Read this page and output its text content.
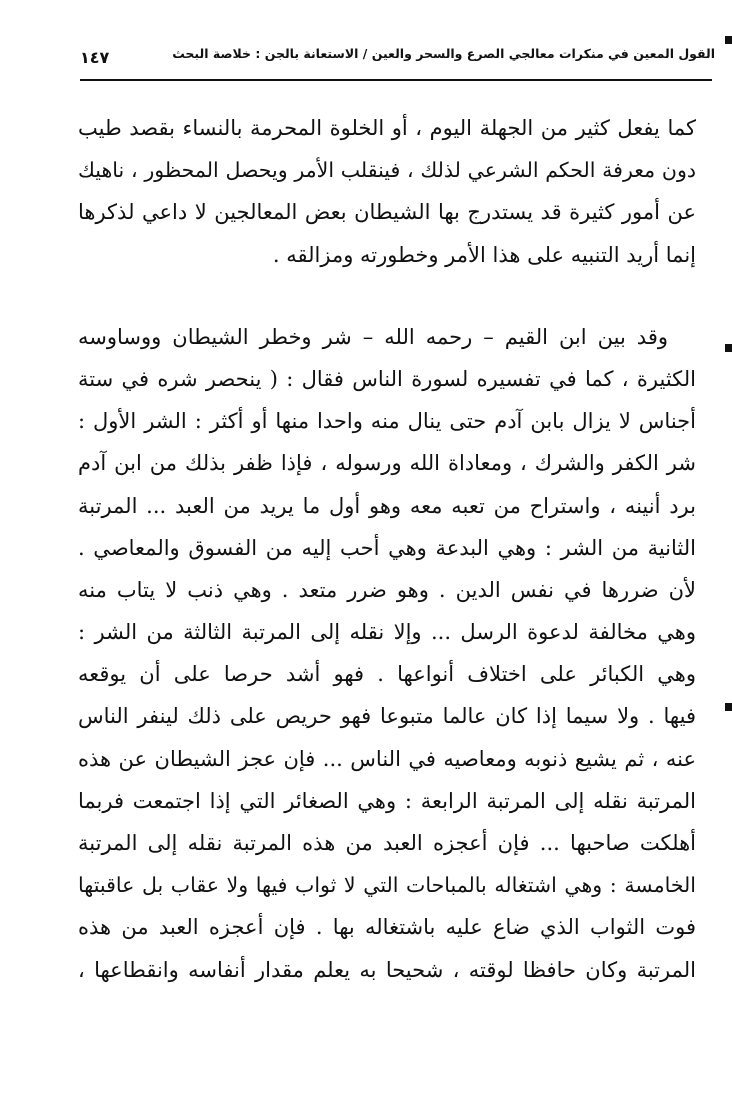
القول المعين في منكرات معالجي الصرع والسحر والعين / الاستعانة بالجن : خلاصة البحث
١٤٧
كما يفعل كثير من الجهلة اليوم ، أو الخلوة المحرمة بالنساء بقصد طيب
دون معرفة الحكم الشرعي لذلك ، فينقلب الأمر ويحصل المحظور ، ناهيك
عن أمور كثيرة قد يستدرج بها الشيطان بعض المعالجين لا داعي لذكرها
إنما أريد التنبيه على هذا الأمر وخطورته ومزالقه .
وقد بين ابن القيم – رحمه الله – شر وخطر الشيطان ووساوسه
الكثيرة ، كما في تفسيره لسورة الناس فقال : ( ينحصر شره في ستة
أجناس لا يزال بابن آدم حتى ينال منه واحدا منها أو أكثر : الشر الأول :
شر الكفر والشرك ، ومعاداة الله ورسوله ، فإذا ظفر بذلك من ابن آدم
برد أنينه ، واستراح من تعبه معه وهو أول ما يريد من العبد ... المرتبة
الثانية من الشر : وهي البدعة وهي أحب إليه من الفسوق والمعاصي .
لأن ضررها في نفس الدين . وهو ضرر متعد . وهي ذنب لا يتاب منه
وهي مخالفة لدعوة الرسل ... وإلا نقله إلى المرتبة الثالثة من الشر :
وهي الكبائر على اختلاف أنواعها . فهو أشد حرصا على أن يوقعه
فيها . ولا سيما إذا كان عالما متبوعا فهو حريص على ذلك لينفر الناس
عنه ، ثم يشيع ذنوبه ومعاصيه في الناس ... فإن عجز الشيطان عن هذه
المرتبة نقله إلى المرتبة الرابعة : وهي الصغائر التي إذا اجتمعت فربما
أهلكت صاحبها ... فإن أعجزه العبد من هذه المرتبة نقله إلى المرتبة
الخامسة : وهي اشتغاله بالمباحات التي لا ثواب فيها ولا عقاب بل عاقبتها
فوت الثواب الذي ضاع عليه باشتغاله بها . فإن أعجزه العبد من هذه
المرتبة وكان حافظا لوقته ، شحيحا به يعلم مقدار أنفاسه وانقطاعها ،
